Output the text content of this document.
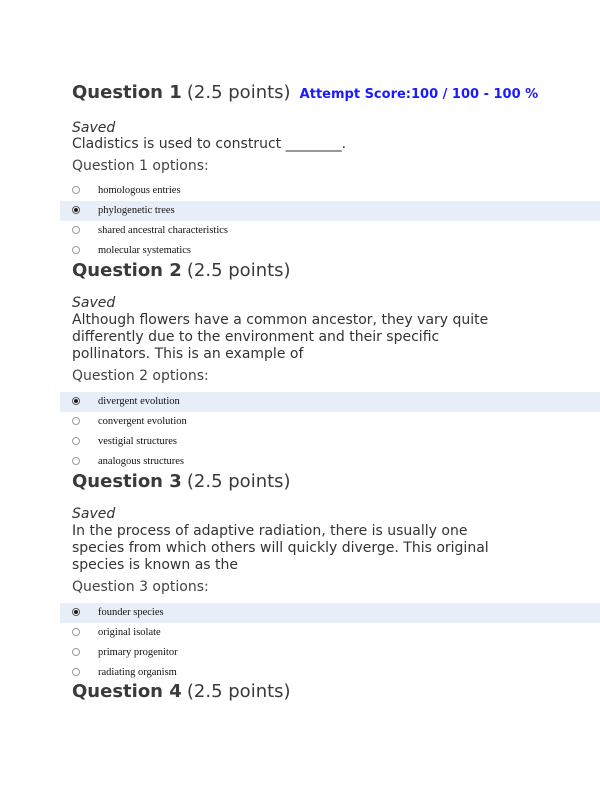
Question 1 (2.5 points) Attempt Score:100 / 100 - 100 %
Saved
Cladistics is used to construct ________.
Question 1 options:
homologous entries
phylogenetic trees
shared ancestral characteristics
molecular systematics
Question 2 (2.5 points)
Saved
Although flowers have a common ancestor, they vary quite differently due to the environment and their specific pollinators. This is an example of
Question 2 options:
divergent evolution
convergent evolution
vestigial structures
analogous structures
Question 3 (2.5 points)
Saved
In the process of adaptive radiation, there is usually one species from which others will quickly diverge. This original species is known as the
Question 3 options:
founder species
original isolate
primary progenitor
radiating organism
Question 4 (2.5 points)
